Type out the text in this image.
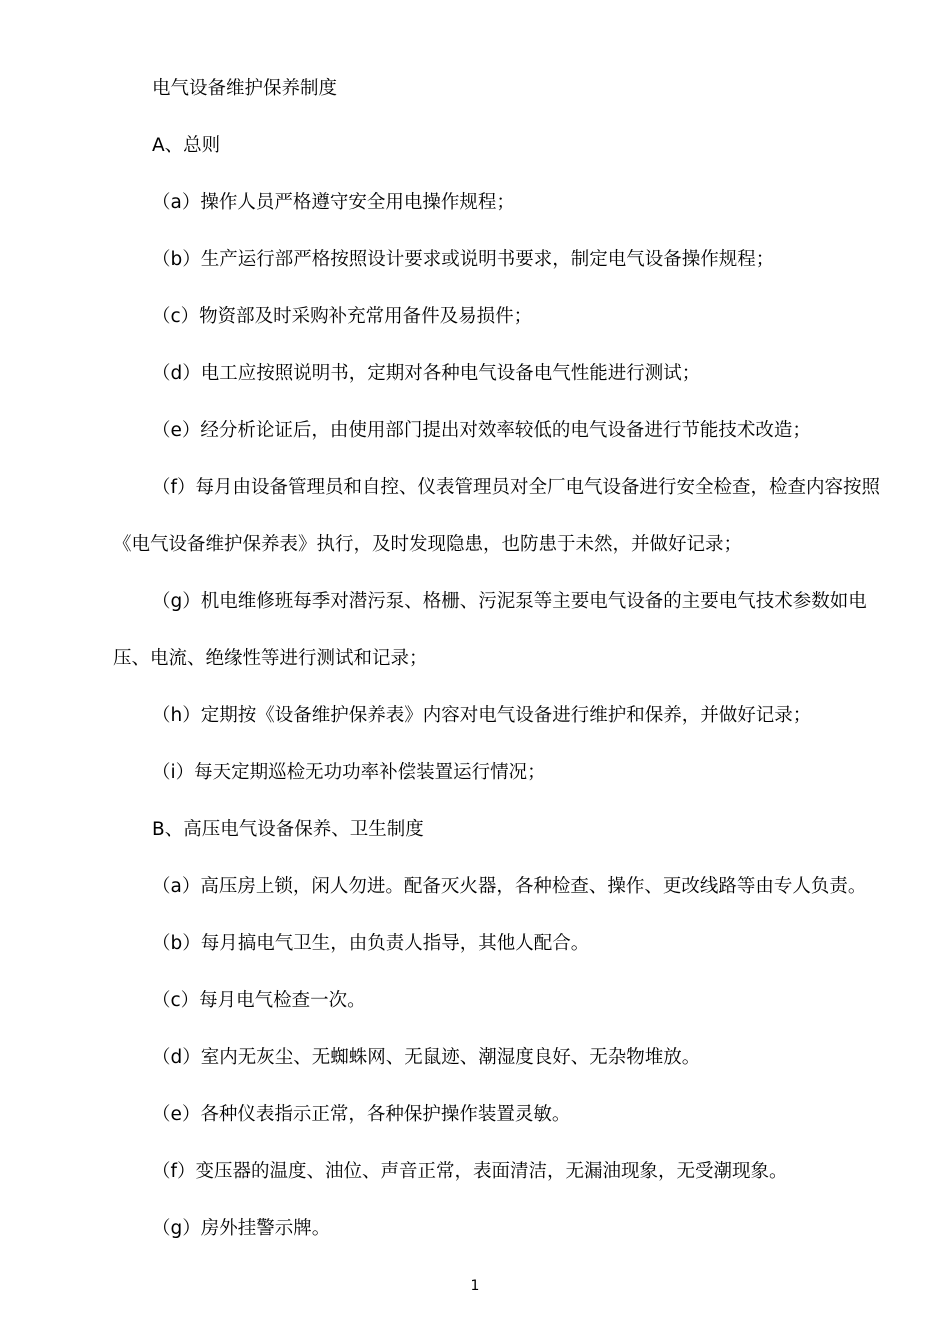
电气设备维护保养制度

A、总则

（a）操作人员严格遵守安全用电操作规程；

（b）生产运行部严格按照设计要求或说明书要求，制定电气设备操作规程；

（c）物资部及时采购补充常用备件及易损件；

（d）电工应按照说明书，定期对各种电气设备电气性能进行测试；

（e）经分析论证后，由使用部门提出对效率较低的电气设备进行节能技术改造；

（f）每月由设备管理员和自控、仪表管理员对全厂电气设备进行安全检查，检查内容按照《电气设备维护保养表》执行，及时发现隐患，也防患于未然，并做好记录；

（g）机电维修班每季对潜污泵、格栅、污泥泵等主要电气设备的主要电气技术参数如电压、电流、绝缘性等进行测试和记录；

（h）定期按《设备维护保养表》内容对电气设备进行维护和保养，并做好记录；

（i）每天定期巡检无功功率补偿装置运行情况；

B、高压电气设备保养、卫生制度

（a）高压房上锁，闲人勿进。配备灭火器，各种检查、操作、更改线路等由专人负责。

（b）每月搞电气卫生，由负责人指导，其他人配合。

（c）每月电气检查一次。

（d）室内无灰尘、无蜘蛛网、无鼠迹、潮湿度良好、无杂物堆放。

（e）各种仪表指示正常，各种保护操作装置灵敏。

（f）变压器的温度、油位、声音正常，表面清洁，无漏油现象，无受潮现象。

（g）房外挂警示牌。

1
